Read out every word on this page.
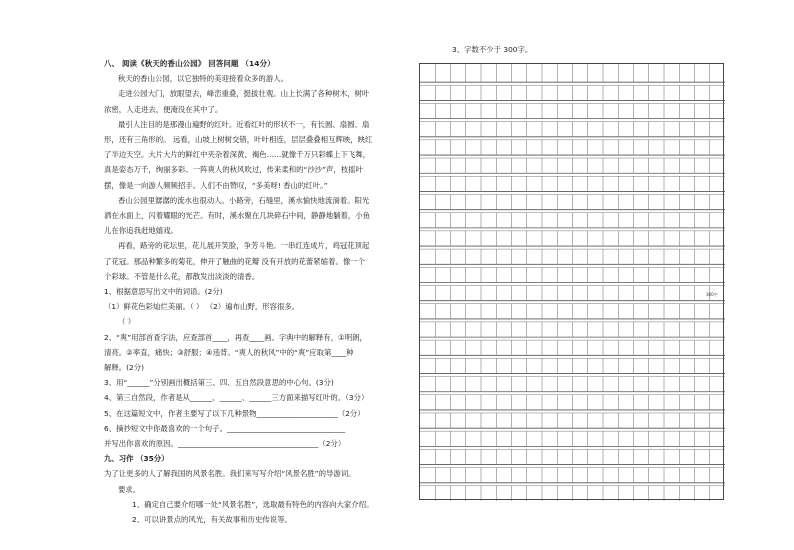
八、 阅读《秋天的香山公园》 回答问题 （14分）

秋天的香山公园，以它独特的美迎接着众多的游人。

走进公园大门，放眼望去，峰峦重叠，挺拔壮观。山上长满了各种树木，树叶

浓密，人走进去，便淹没在其中了。

最引人注目的是那漫山遍野的红叶。近看红叶的形状不一，有长圆、扇圆、扇

形，还有三角形的。 远看，山坡上树树交错，叶叶相连，层层叠叠相互辉映，映红

了半边天空。大片大片的鲜红中夹杂着深黄、褐色……就像千万只彩蝶上下飞舞，

真是姿态万千，绚丽多彩。一阵爽人的秋风吹过，传来柔和的“沙沙”声，枝摇叶

摆，像是一向游人频频招手。人们不由赞叹，“多美呀! 香山的红叶。”

香山公园里潺潺的流水也很动人。小路旁，石缝里，溪水愉快地流淌着。阳光

洒在水面上，闪着耀眼的光芒。有时，溪水聚在几块碎石中间，静静地躺着，小鱼

儿在你追我赶地嬉戏。

再看，路旁的花坛里，花儿展开笑脸，争芳斗艳。一串红连成片，鸡冠花顶起

了花冠。那品种繁多的菊花，伸开了触曲的花瓣 没有开放的花蕾紧缩着。像一个

个彩球。不管是什么花，都散发出淡淡的清香。

1、根据意思写出文中的词语。(2分)

（1）鲜花色彩灿烂美丽。（ ） （2）遍布山野，形容很多。

（ ）

2、“爽”用部首查字法，应查部首____，再查____画。字典中的解释有，①明朗，

清亮。②率直，痛快；③舒服；④违背。“爽人的秋风”中的“爽”应取第____种

解释。(2分)

3、用“______”分别画出概括第三、四、五自然段意思的中心句。(3分)

4、第三自然段，作者是从______、______、______三方面来描写红叶的。（3分）

5、在这篇短文中，作者主要写了以下几种景物______________________（2分）

6、摘抄短文中你最喜欢的一个句子。________________________________

并写出你喜欢的原因。______________________________________（2分）

九、习作 （35分）

为了让更多的人了解我国的风景名胜。我们来写写介绍“风景名胜”的导游词。

要求。

1、确定自己要介绍哪一处“风景名胜”，选取最有特色的内容向大家介绍。

2、可以讲景点的风光，有关故事和历史传说等。

3、字数不少于 300字。
300字
